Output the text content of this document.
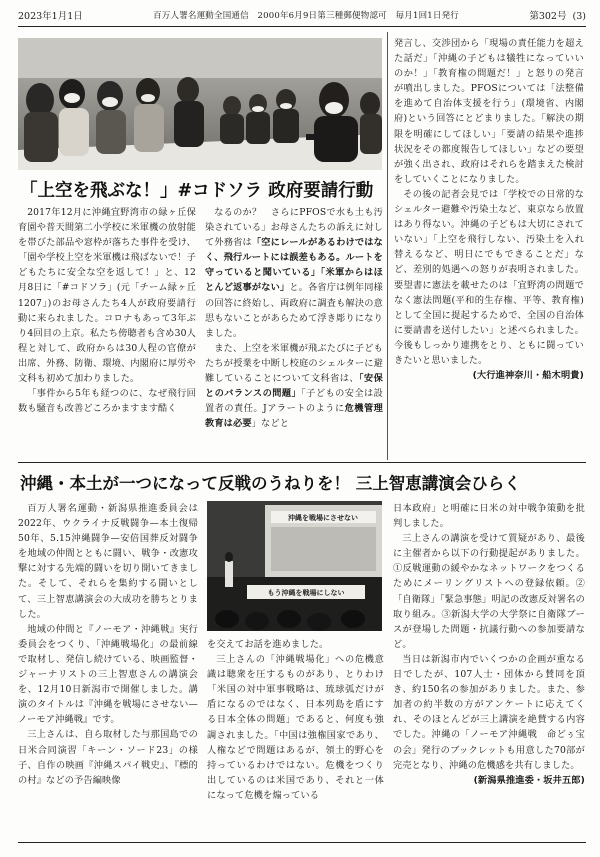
2023年1月1日	百万人署名運動全国通信　2000年6月9日第三種郵便物認可　毎月1回1日発行	第302号 (3)
「上空を飛ぶな！」#コドソラ 政府要請行動

2017年12月に沖縄宜野湾市の緑ヶ丘保育園や普天間第二小学校に米軍機の放射能を帯びた部品や窓枠が落ちた事件を受け、「園や学校上空を米軍機は飛ばないで！子どもたちに安全な空を返して！」と、12月8日に「#コドソラ」(元「チーム緑ヶ丘1207」)のお母さんたち4人が政府要請行動に来られました。コロナもあって3年ぶり4回目の上京。私たち傍聴者も含め30人程と対して、政府からは30人程の官僚が出席、外務、防衛、環境、内閣府に厚労や文科も初めて加わりました。

「事件から5年も経つのに、なぜ飛行回数も騒音も改善どころかますます酷く

なるのか？　さらにPFOSで水も土も汚染されている」お母さんたちの訴えに対して外務省は「空にレールがあるわけではなく、飛行ルートには誤差もある。ルートを守っていると聞いている」「米軍からはほとんど返事がない」と。各省庁は例年同様の回答に終始し、両政府に調査も解決の意思もないことがあらためて浮き彫りになりました。

また、上空を米軍機が飛ぶたびに子どもたちが授業を中断し校庭のシェルターに避難していることについて文科省は、「安保とのバランスの問題」「子どもの安全は設置者の責任。Jアラートのように危機管理教育は必要」などと

発言し、交渉団から「現場の責任能力を超えた話だ」「沖縄の子どもは犠牲になっていいのか！」「教育権の問題だ！」と怒りの発言が噴出しました。PFOSについては「法整備を進めて自治体支援を行う」(環境省、内閣府)という回答にとどまりました。「解決の期限を明確にしてほしい」「要請の結果や進捗状況をその都度報告してほしい」などの要望が強く出され、政府はそれらを踏まえた検討をしていくことになりました。

その後の記者会見では「学校での日常的なシェルター避難や汚染土など、東京なら放置はあり得ない。沖縄の子どもは大切にされていない」「上空を飛行しない、汚染土を入れ替えるなど、明日にでもできることだ」など、差別的処遇への怒りが表明されました。要望書に憲法を載せたのは「宜野湾の問題でなく憲法問題(平和的生存権、平等、教育権)として全国に提起するためで、全国の自治体に要請書を送付したい」と述べられました。今後もしっかり連携をとり、ともに闘っていきたいと思いました。

(大行進神奈川・船木明貴)
沖縄・本土が一つになって反戦のうねりを！ 三上智恵講演会ひらく
沖縄を戦場にさせない
もう沖縄を戦場にしない

百万人署名運動・新潟県推進委員会は2022年、ウクライナ反戦闘争—本土復帰50年、5.15沖縄闘争—安倍国葬反対闘争を地域の仲間とともに闘い、戦争・改憲攻撃に対する先端的闘いを切り開いてきました。そして、それらを集約する闘いとして、三上智恵講演会の大成功を勝ちとりました。

地域の仲間と『ノーモア・沖縄戦』実行委員会をつくり、「沖縄戦場化」の最前線で取材し、発信し続けている、映画監督・ジャーナリストの三上智恵さんの講演会を、12月10日新潟市で開催しました。講演のタイトルは『沖縄を戦場にさせない—ノーモア沖縄戦』です。

三上さんは、自ら取材した与那国島での日米合同演習「キーン・ソード23」の様子、自作の映画『沖縄スパイ戦史』、『標的の村』などの予告編映像

を交えてお話を進めました。

三上さんの「沖縄戦場化」への危機意識は聴衆を圧するものがあり、とりわけ「米国の対中軍事戦略は、琉球弧だけが盾になるのではなく、日本列島を盾にする日本全体の問題」であると、何度も強調されました。「中国は強権国家であり、人権などで問題はあるが、領土的野心を持っているわけではない。危機をつくり出しているのは米国であり、それと一体になって危機を煽っている

日本政府」と明確に日米の対中戦争策動を批判しました。

三上さんの講演を受けて質疑があり、最後に主催者から以下の行動提起がありました。①反戦運動の緩やかなネットワークをつくるためにメーリングリストへの登録依頼。②「自衛隊」「緊急事態」明記の改憲反対署名の取り組み。③新潟大学の大学祭に自衛隊ブースが登場した問題・抗議行動への参加要請など。

当日は新潟市内でいくつかの企画が重なる日でしたが、107人士・団体から賛同を頂き、約150名の参加がありました。また、参加者の約半数の方がアンケートに応えてくれ、そのほとんどが三上講演を絶賛する内容でした。沖縄の「ノーモア沖縄戦　命どぅ宝の会」発行のブックレットも用意した70部が完売となり、沖縄の危機感を共有しました。

(新潟県推進委・坂井五郎)
